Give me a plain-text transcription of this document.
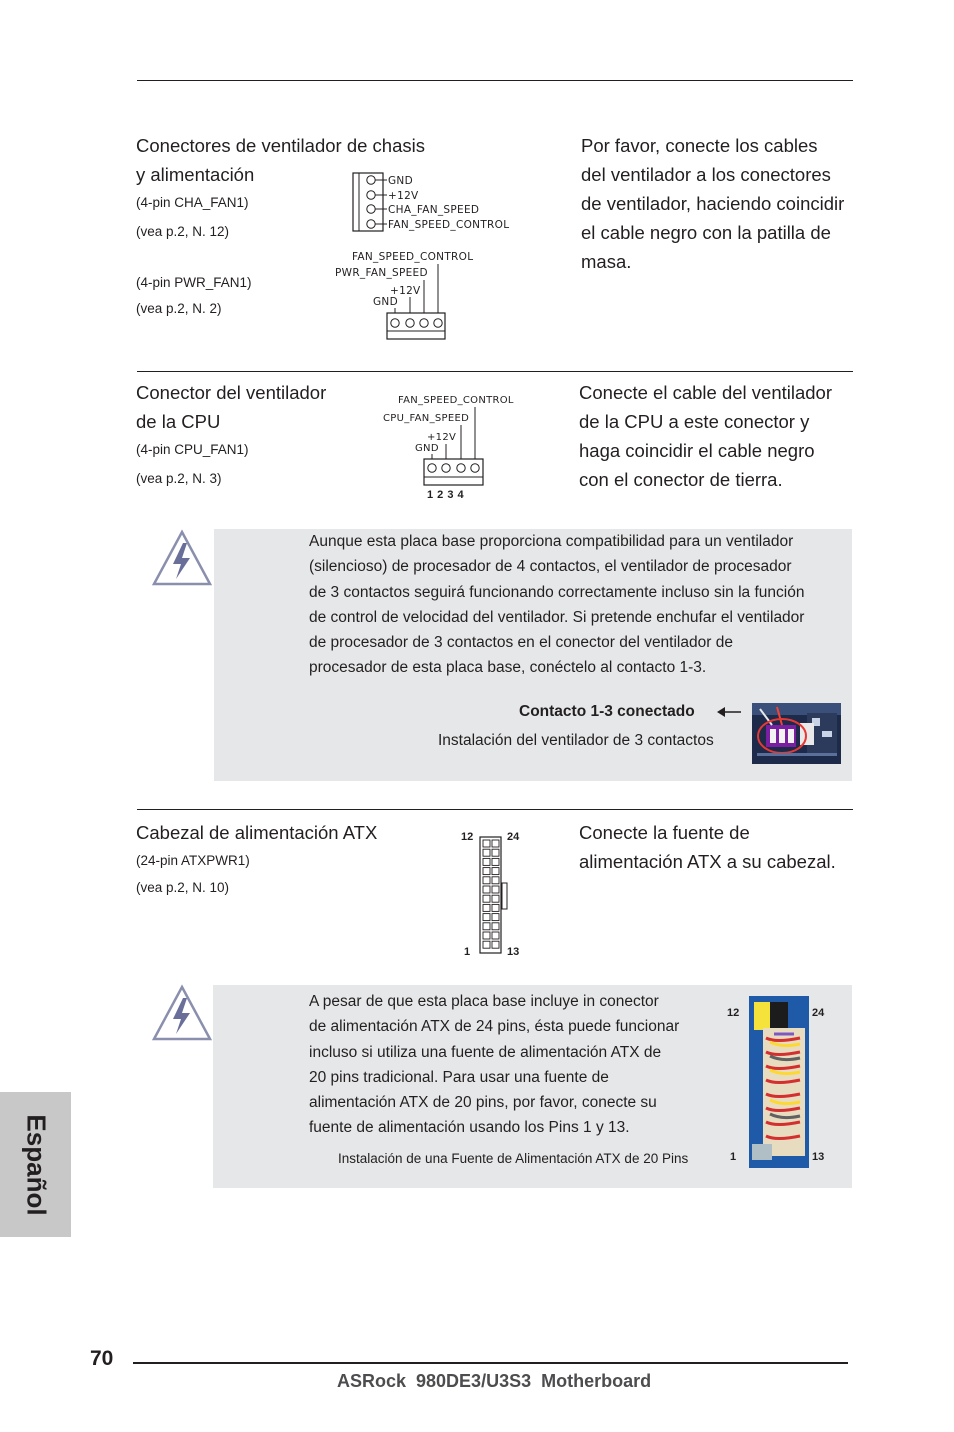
Conectores de ventilador de chasis
y alimentación
(4-pin CHA_FAN1)
(vea p.2, N. 12)
(4-pin PWR_FAN1)
(vea p.2, N. 2)
GND
+12V
CHA_FAN_SPEED
FAN_SPEED_CONTROL
FAN_SPEED_CONTROL
PWR_FAN_SPEED
+12V
GND
Por favor, conecte los cables
del ventilador a los conectores
de ventilador, haciendo coincidir
el cable negro con la patilla de
masa.
Conector del ventilador
de la CPU
(4-pin CPU_FAN1)
(vea p.2, N. 3)
FAN_SPEED_CONTROL
CPU_FAN_SPEED
+12V
GND
1 2 3 4
Conecte el cable del ventilador
de la CPU a este conector y
haga coincidir el cable negro
con el conector de tierra.
Aunque esta placa base proporciona compatibilidad para un ventilador
(silencioso) de procesador de 4 contactos, el ventilador de procesador
de 3 contactos seguirá funcionando correctamente incluso sin la función
de control de velocidad del ventilador. Si pretende enchufar el ventilador
de procesador de 3 contactos en el conector del ventilador de
procesador de esta placa base, conéctelo al contacto 1-3.
Contacto 1-3 conectado
Instalación del ventilador de 3 contactos
Cabezal de alimentación ATX
(24-pin ATXPWR1)
(vea p.2, N. 10)
12	24
1	13
Conecte la fuente de
alimentación ATX a su cabezal.
A pesar de que esta placa base incluye in conector
de alimentación ATX de 24 pins, ésta puede funcionar
incluso si utiliza una fuente de alimentación ATX de
20 pins tradicional. Para usar una fuente de
alimentación ATX de 20 pins, por favor, conecte su
fuente de alimentación usando los Pins 1 y 13.
Instalación de una Fuente de Alimentación ATX de 20 Pins
12	24
1	13
Español
70
ASRock  980DE3/U3S3  Motherboard
